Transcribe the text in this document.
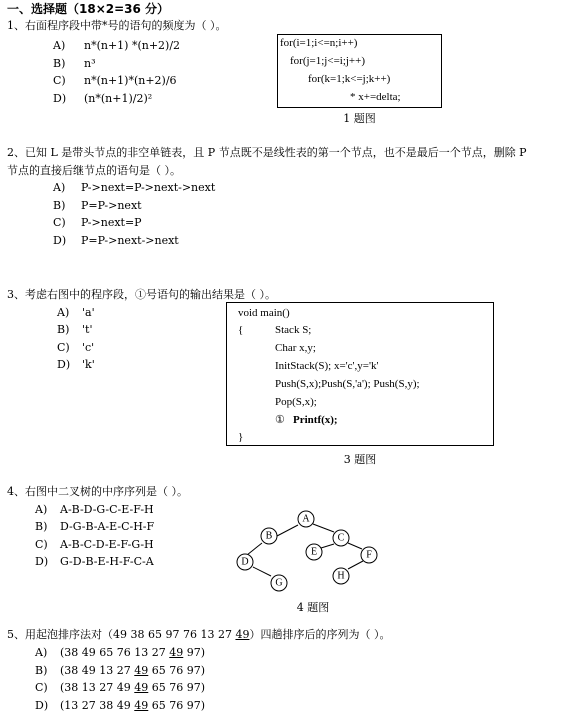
一、选择题（18×2=36 分）
1、右面程序段中带*号的语句的频度为（ ）。
A) n*(n+1) *(n+2)/2
B) n³
C) n*(n+1)*(n+2)/6
D) (n*(n+1)/2)²
for(i=1;i<=n;i++)
for(j=1;j<=i;j++)
for(k=1;k<=j;k++)
* x+=delta;
1 题图
2、已知 L 是带头节点的非空单链表，且 P 节点既不是线性表的第一个节点，也不是最后一个节点，删除 P
节点的直接后继节点的语句是（ ）。
A) P->next=P->next->next
B) P=P->next
C) P->next=P
D) P=P->next->next
3、考虑右图中的程序段，①号语句的输出结果是（ ）。
A) 'a'
B) 't'
C) 'c'
D) 'k'
void main()
{	Stack S;
Char x,y;
InitStack(S); x='c',y='k'
Push(S,x);Push(S,'a'); Push(S,y);
Pop(S,x);
① Printf(x);
}
3 题图
4、右图中二叉树的中序序列是（ ）。
A) A-B-D-G-C-E-F-H
B) D-G-B-A-E-C-H-F
C) A-B-C-D-E-F-G-H
D) G-D-B-E-H-F-C-A
A
B	C
D
E	F
G
H
4 题图
5、用起泡排序法对（49 38 65 97 76 13 27 49）四趟排序后的序列为（ ）。
A) (38 49 65 76 13 27 49 97)
B) (38 49 13 27 49 65 76 97)
C) (38 13 27 49 49 65 76 97)
D) (13 27 38 49 49 65 76 97)
